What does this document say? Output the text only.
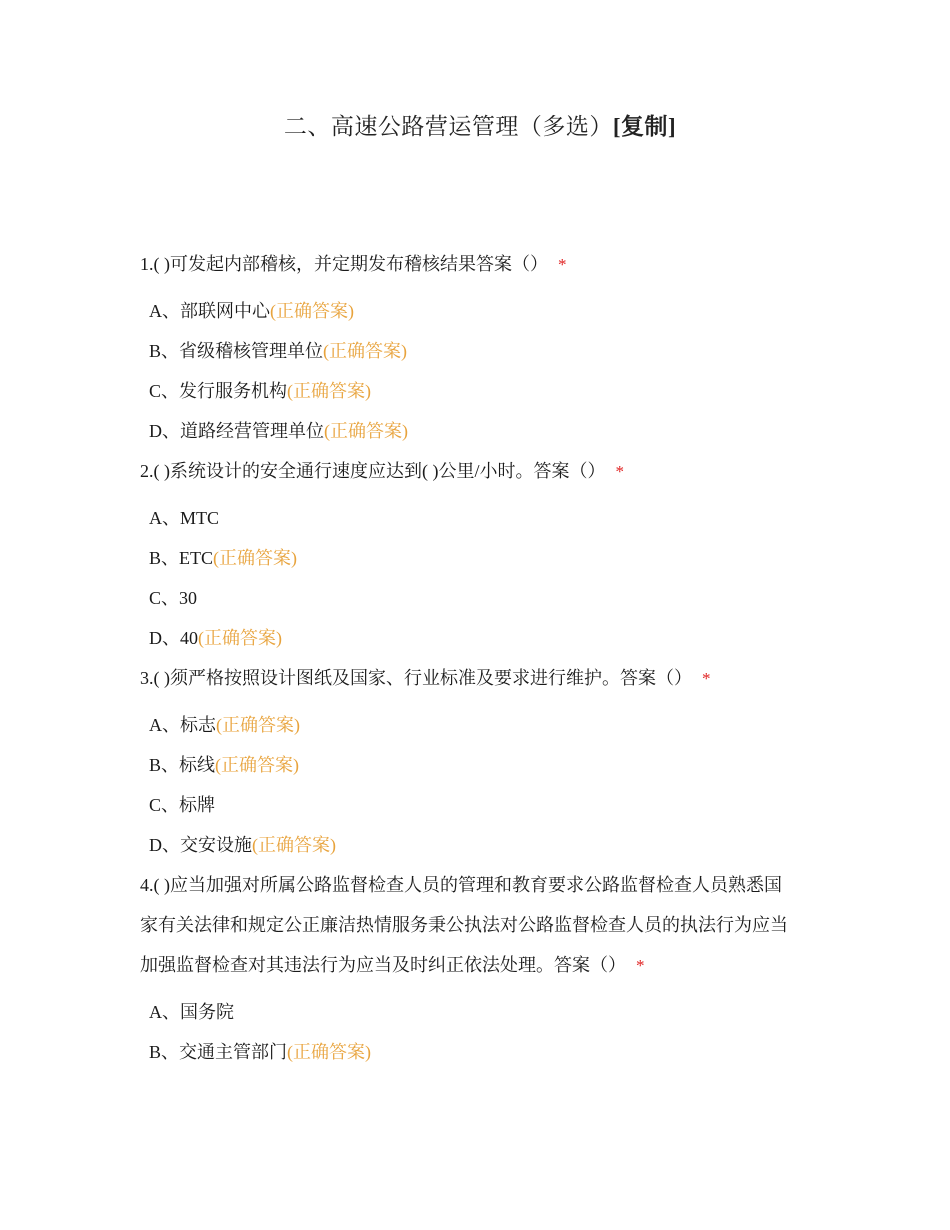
二、高速公路营运管理（多选）[复制]
1.( )可发起内部稽核，并定期发布稽核结果答案（） *
A、部联网中心(正确答案)
B、省级稽核管理单位(正确答案)
C、发行服务机构(正确答案)
D、道路经营管理单位(正确答案)
2.( )系统设计的安全通行速度应达到( )公里/小时。答案（） *
A、MTC
B、ETC(正确答案)
C、30
D、40(正确答案)
3.( )须严格按照设计图纸及国家、行业标准及要求进行维护。答案（） *
A、标志(正确答案)
B、标线(正确答案)
C、标牌
D、交安设施(正确答案)
4.( )应当加强对所属公路监督检查人员的管理和教育要求公路监督检查人员熟悉国
家有关法律和规定公正廉洁热情服务秉公执法对公路监督检查人员的执法行为应当
加强监督检查对其违法行为应当及时纠正依法处理。答案（） *
A、国务院
B、交通主管部门(正确答案)
